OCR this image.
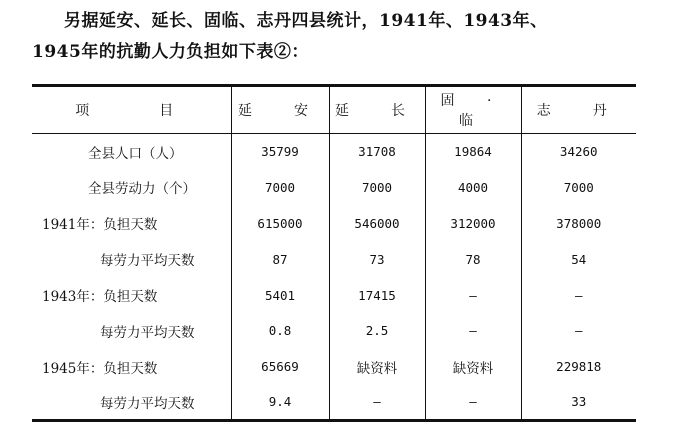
另据延安、延长、固临、志丹四县统计，1941年、1943年、
1945年的抗勤人力负担如下表②：
项　　目	延　安	延　长	固 · 临	志　丹
全县人口（人）	35799	31708	19864	34260
全县劳动力（个）	7000	7000	4000	7000
1941年：负担天数	615000	546000	312000	378000
每劳力平均天数	87	73	78	54
1943年：负担天数	5401	17415	—	—
每劳力平均天数	0.8	2.5	—	—
1945年：负担天数	65669	缺资料	缺资料	229818
每劳力平均天数	9.4	—	—	33
